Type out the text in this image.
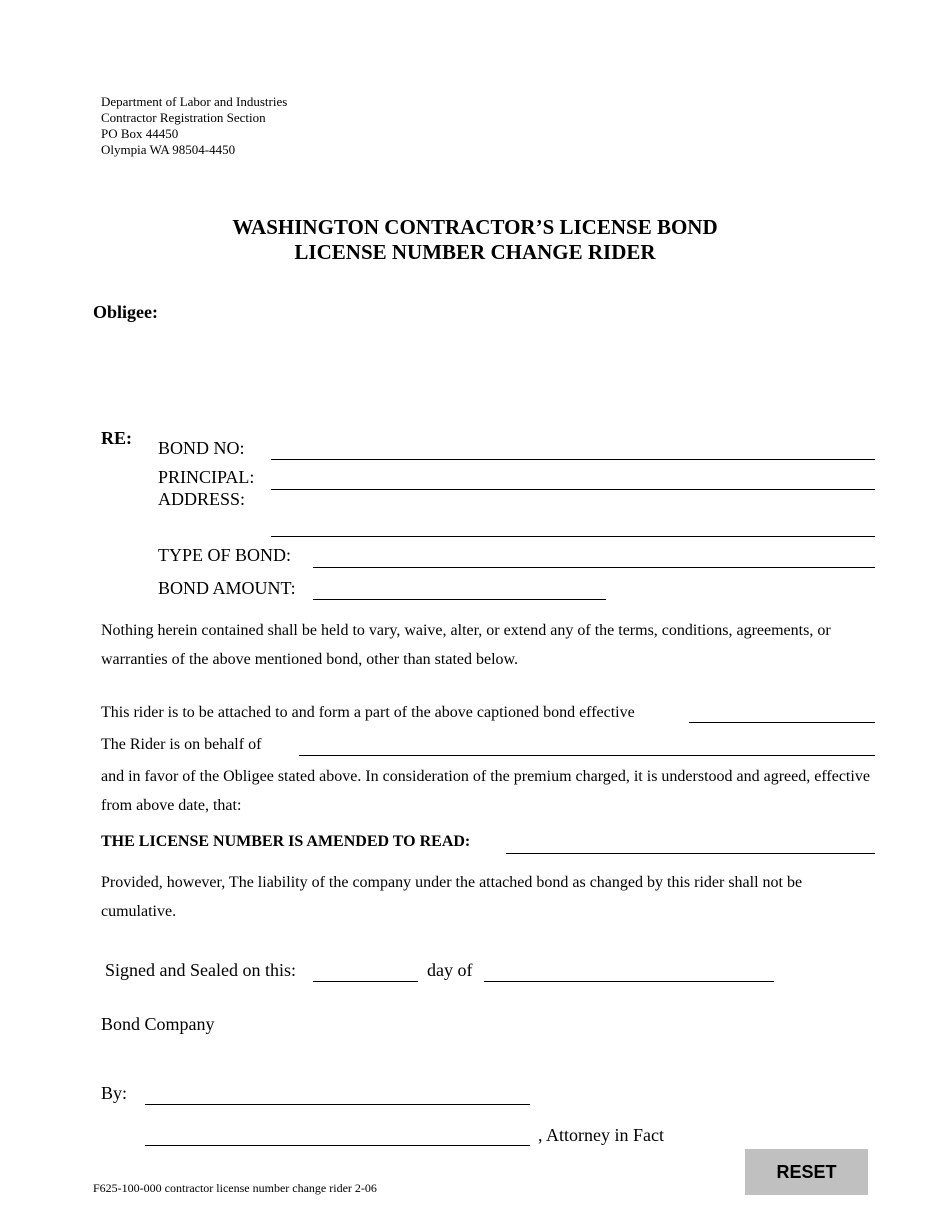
Department of Labor and Industries
Contractor Registration Section
PO Box 44450
Olympia WA 98504-4450
WASHINGTON CONTRACTOR’S LICENSE BOND
LICENSE NUMBER CHANGE RIDER
Obligee:
RE: BOND NO:
PRINCIPAL:
ADDRESS:
TYPE OF BOND:
BOND AMOUNT:
Nothing herein contained shall be held to vary, waive, alter, or extend any of the terms, conditions, agreements, or warranties of the above mentioned bond, other than stated below.
This rider is to be attached to and form a part of the above captioned bond effective
The Rider is on behalf of
and in favor of the Obligee stated above. In consideration of the premium charged, it is understood and agreed, effective from above date, that:
THE LICENSE NUMBER IS AMENDED TO READ:
Provided, however, The liability of the company under the attached bond as changed by this rider shall not be cumulative.
Signed and Sealed on this:	day of
Bond Company
By:
, Attorney in Fact
F625-100-000 contractor license number change rider 2-06
RESET
